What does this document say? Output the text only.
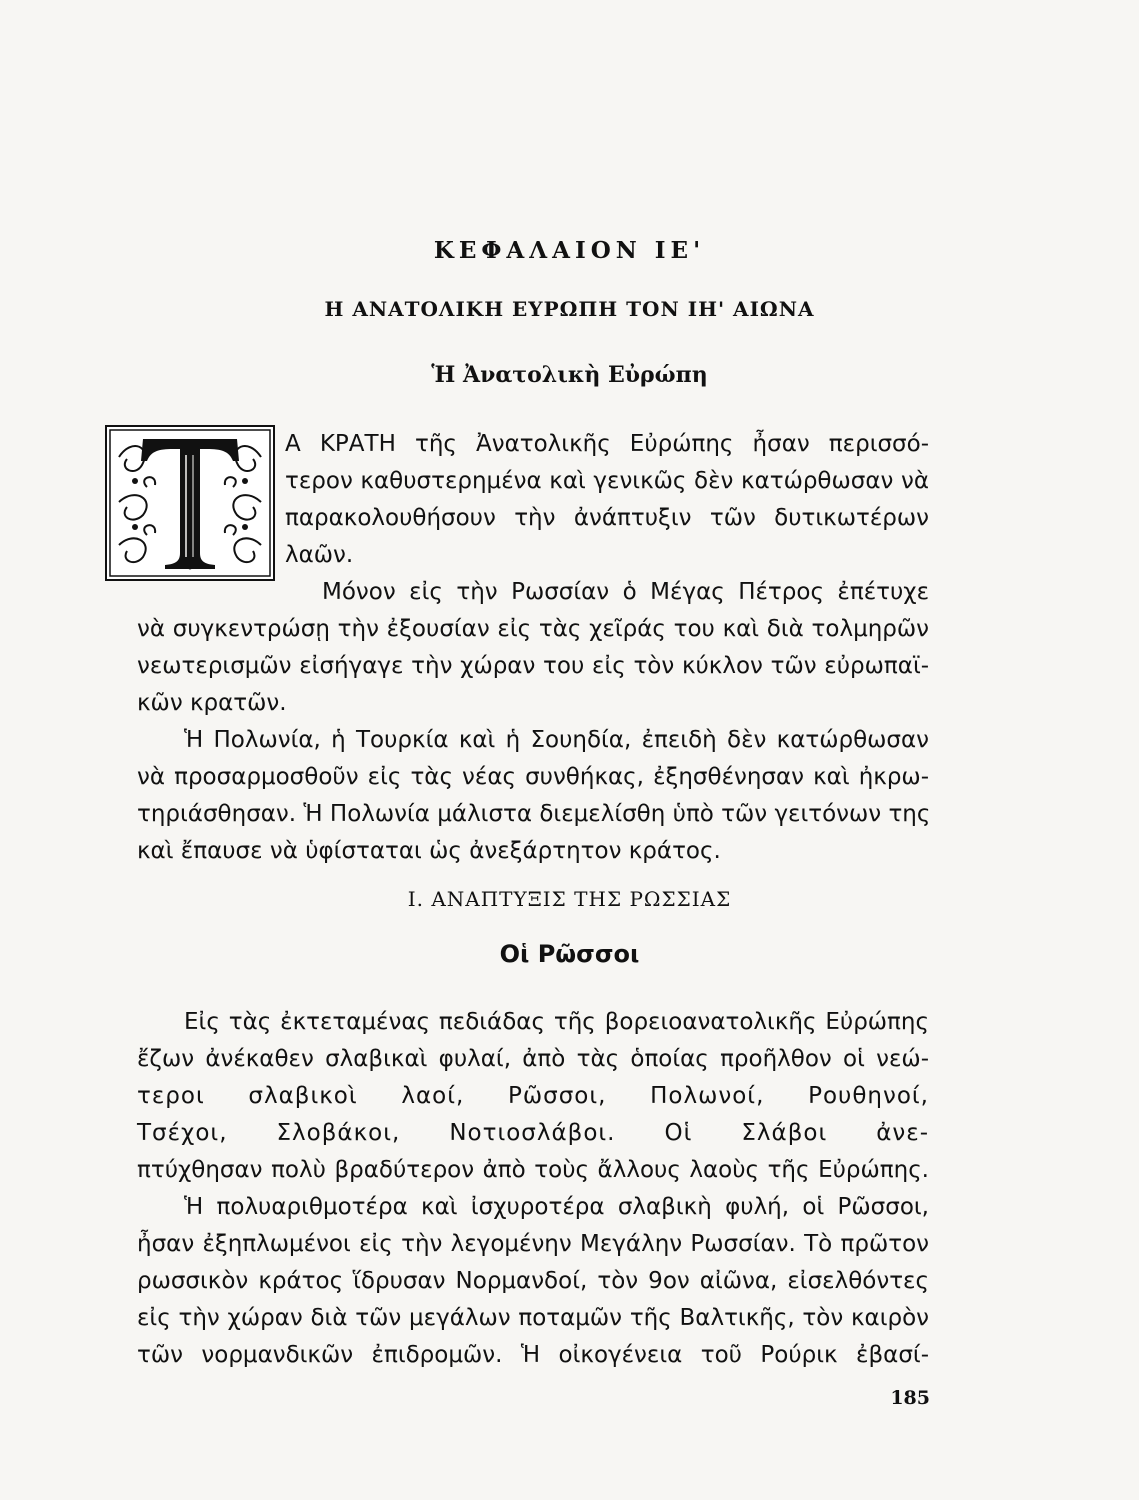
ΚΕΦΑΛΑΙΟΝ ΙΕ'
Η ΑΝΑΤΟΛΙΚΗ ΕΥΡΩΠΗ ΤΟΝ ΙΗ' ΑΙΩΝΑ
Ἡ Ἀνατολικὴ Εὐρώπη
Α ΚΡΑΤΗ τῆς Ἀνατολικῆς Εὐρώπης ἦσαν περισσό-
τερον καθυστερημένα καὶ γενικῶς δὲν κατώρθωσαν νὰ
παρακολουθήσουν τὴν ἀνάπτυξιν τῶν δυτικωτέρων
λαῶν.
Μόνον εἰς τὴν Ρωσσίαν ὁ Μέγας Πέτρος ἐπέτυχε
νὰ συγκεντρώσῃ τὴν ἐξουσίαν εἰς τὰς χεῖράς του καὶ διὰ τολμηρῶν
νεωτερισμῶν εἰσήγαγε τὴν χώραν του εἰς τὸν κύκλον τῶν εὐρωπαϊ-
κῶν κρατῶν.
Ἡ Πολωνία, ἡ Τουρκία καὶ ἡ Σουηδία, ἐπειδὴ δὲν κατώρθωσαν
νὰ προσαρμοσθοῦν εἰς τὰς νέας συνθήκας, ἐξησθένησαν καὶ ἠκρω-
τηριάσθησαν. Ἡ Πολωνία μάλιστα διεμελίσθη ὑπὸ τῶν γειτόνων της
καὶ ἔπαυσε νὰ ὑφίσταται ὡς ἀνεξάρτητον κράτος.
I. ΑΝΑΠΤΥΞΙΣ ΤΗΣ ΡΩΣΣΙΑΣ
Οἱ Ρῶσσοι
Εἰς τὰς ἐκτεταμένας πεδιάδας τῆς βορειοανατολικῆς Εὐρώπης
ἔζων ἀνέκαθεν σλαβικαὶ φυλαί, ἀπὸ τὰς ὁποίας προῆλθον οἱ νεώ-
τεροι σλαβικοὶ λαοί, Ρῶσσοι, Πολωνοί, Ρουθηνοί,
Τσέχοι, Σλοβάκοι, Νοτιοσλάβοι. Οἱ Σλάβοι ἀνε-
πτύχθησαν πολὺ βραδύτερον ἀπὸ τοὺς ἄλλους λαοὺς τῆς Εὐρώπης.
Ἡ πολυαριθμοτέρα καὶ ἰσχυροτέρα σλαβικὴ φυλή, οἱ Ρῶσσοι,
ἦσαν ἐξηπλωμένοι εἰς τὴν λεγομένην Μεγάλην Ρωσσίαν. Τὸ πρῶτον
ρωσσικὸν κράτος ἵδρυσαν Νορμανδοί, τὸν 9ον αἰῶνα, εἰσελθόντες
εἰς τὴν χώραν διὰ τῶν μεγάλων ποταμῶν τῆς Βαλτικῆς, τὸν καιρὸν
τῶν νορμανδικῶν ἐπιδρομῶν. Ἡ οἰκογένεια τοῦ Ρούρικ ἐβασί-
185
